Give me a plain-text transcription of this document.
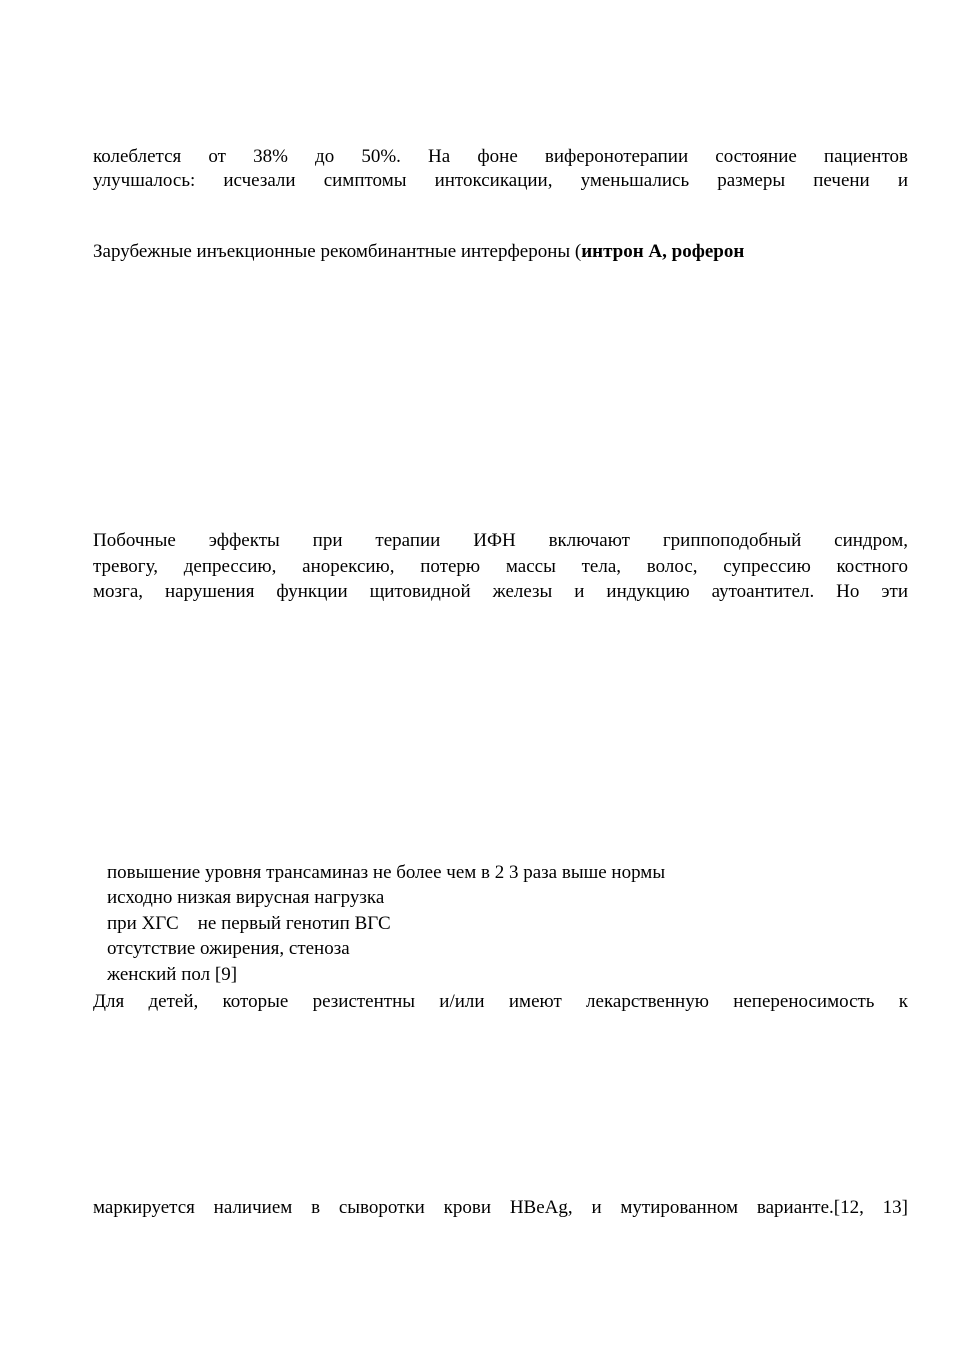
колеблется от 38% до 50%. На фоне виферонотерапии состояние пациентов
улучшалось: исчезали симптомы интоксикации, уменьшались размеры печени и
Зарубежные инъекционные рекомбинантные интерфероны (интрон А, роферон
Побочные эффекты при терапии ИФН включают гриппоподобный синдром,
тревогу, депрессию, анорексию, потерю массы тела, волос, супрессию костного
мозга, нарушения функции щитовидной железы и индукцию аутоантител. Но эти
повышение уровня трансаминаз не более чем в 2 3 раза выше нормы
исходно низкая вирусная нагрузка
при ХГС    не первый генотип ВГС
отсутствие ожирения, стеноза
женский пол [9]
Для детей, которые резистентны и/или имеют лекарственную непереносимость к
маркируется наличием в сыворотки крови HBeAg, и мутированном варианте.[12, 13]
